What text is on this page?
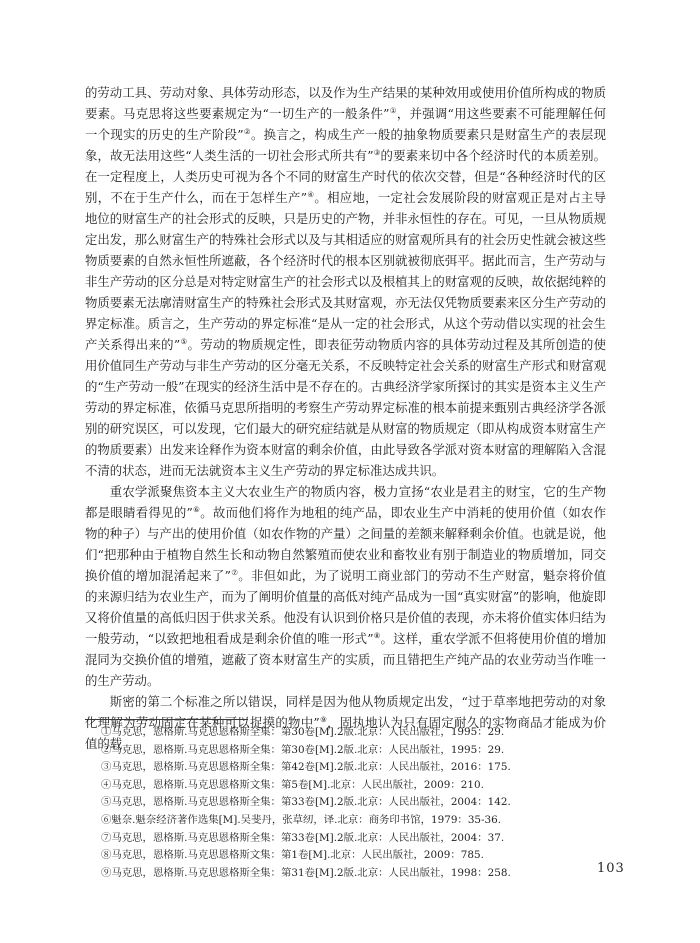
的劳动工具、劳动对象、具体劳动形态，以及作为生产结果的某种效用或使用价值所构成的物质要素。马克思将这些要素规定为“一切生产的一般条件”①，并强调“用这些要素不可能理解任何一个现实的历史的生产阶段”②。换言之，构成生产一般的抽象物质要素只是财富生产的表层现象，故无法用这些“人类生活的一切社会形式所共有”③的要素来切中各个经济时代的本质差别。在一定程度上，人类历史可视为各个不同的财富生产时代的依次交替，但是“各种经济时代的区别，不在于生产什么，而在于怎样生产”④。相应地，一定社会发展阶段的财富观正是对占主导地位的财富生产的社会形式的反映，只是历史的产物，并非永恒性的存在。可见，一旦从物质规定出发，那么财富生产的特殊社会形式以及与其相适应的财富观所具有的社会历史性就会被这些物质要素的自然永恒性所遮蔽，各个经济时代的根本区别就被彻底弭平。据此而言，生产劳动与非生产劳动的区分总是对特定财富生产的社会形式以及根植其上的财富观的反映，故依据纯粹的物质要素无法廓清财富生产的特殊社会形式及其财富观，亦无法仅凭物质要素来区分生产劳动的界定标准。质言之，生产劳动的界定标准“是从一定的社会形式，从这个劳动借以实现的社会生产关系得出来的”⑤。劳动的物质规定性，即表征劳动物质内容的具体劳动过程及其所创造的使用价值同生产劳动与非生产劳动的区分毫无关系，不反映特定社会关系的财富生产形式和财富观的“生产劳动一般”在现实的经济生活中是不存在的。古典经济学家所探讨的其实是资本主义生产劳动的界定标准，依循马克思所指明的考察生产劳动界定标准的根本前提来甄别古典经济学各派别的研究误区，可以发现，它们最大的研究症结就是从财富的物质规定（即从构成资本财富生产的物质要素）出发来诠释作为资本财富的剩余价值，由此导致各学派对资本财富的理解陷入含混不清的状态，进而无法就资本主义生产劳动的界定标准达成共识。

重农学派聚焦资本主义大农业生产的物质内容，极力宣扬“农业是君主的财宝，它的生产物都是眼睛看得见的”⑥。故而他们将作为地租的纯产品，即农业生产中消耗的使用价值（如农作物的种子）与产出的使用价值（如农作物的产量）之间量的差额来解释剩余价值。也就是说，他们“把那种由于植物自然生长和动物自然繁殖而使农业和畜牧业有别于制造业的物质增加，同交换价值的增加混淆起来了”⑦。非但如此，为了说明工商业部门的劳动不生产财富，魁奈将价值的来源归结为农业生产，而为了阐明价值量的高低对纯产品成为一国“真实财富”的影响，他旋即又将价值量的高低归因于供求关系。他没有认识到价格只是价值的表现，亦未将价值实体归结为一般劳动，“以致把地租看成是剩余价值的唯一形式”⑧。这样，重农学派不但将使用价值的增加混同为交换价值的增殖，遮蔽了资本财富生产的实质，而且错把生产纯产品的农业劳动当作唯一的生产劳动。

斯密的第二个标准之所以错误，同样是因为他从物质规定出发，“过于草率地把劳动的对象化理解为劳动固定在某种可以捉摸的物中”⑨，固执地认为只有固定耐久的实物商品才能成为价值的载

①马克思，恩格斯.马克思恩格斯全集：第30卷[M].2版.北京：人民出版社，1995：29.
②马克思，恩格斯.马克思恩格斯全集：第30卷[M].2版.北京：人民出版社，1995：29.
③马克思，恩格斯.马克思恩格斯全集：第42卷[M].2版.北京：人民出版社，2016：175.
④马克思，恩格斯.马克思恩格斯文集：第5卷[M].北京：人民出版社，2009：210.
⑤马克思，恩格斯.马克思恩格斯全集：第33卷[M].2版.北京：人民出版社，2004：142.
⑥魁奈.魁奈经济著作选集[M].吴斐丹，张草纫，译.北京：商务印书馆，1979：35-36.
⑦马克思，恩格斯.马克思恩格斯全集：第33卷[M].2版.北京：人民出版社，2004：37.
⑧马克思，恩格斯.马克思恩格斯文集：第1卷[M].北京：人民出版社，2009：785.
⑨马克思，恩格斯.马克思恩格斯全集：第31卷[M].2版.北京：人民出版社，1998：258.	103
